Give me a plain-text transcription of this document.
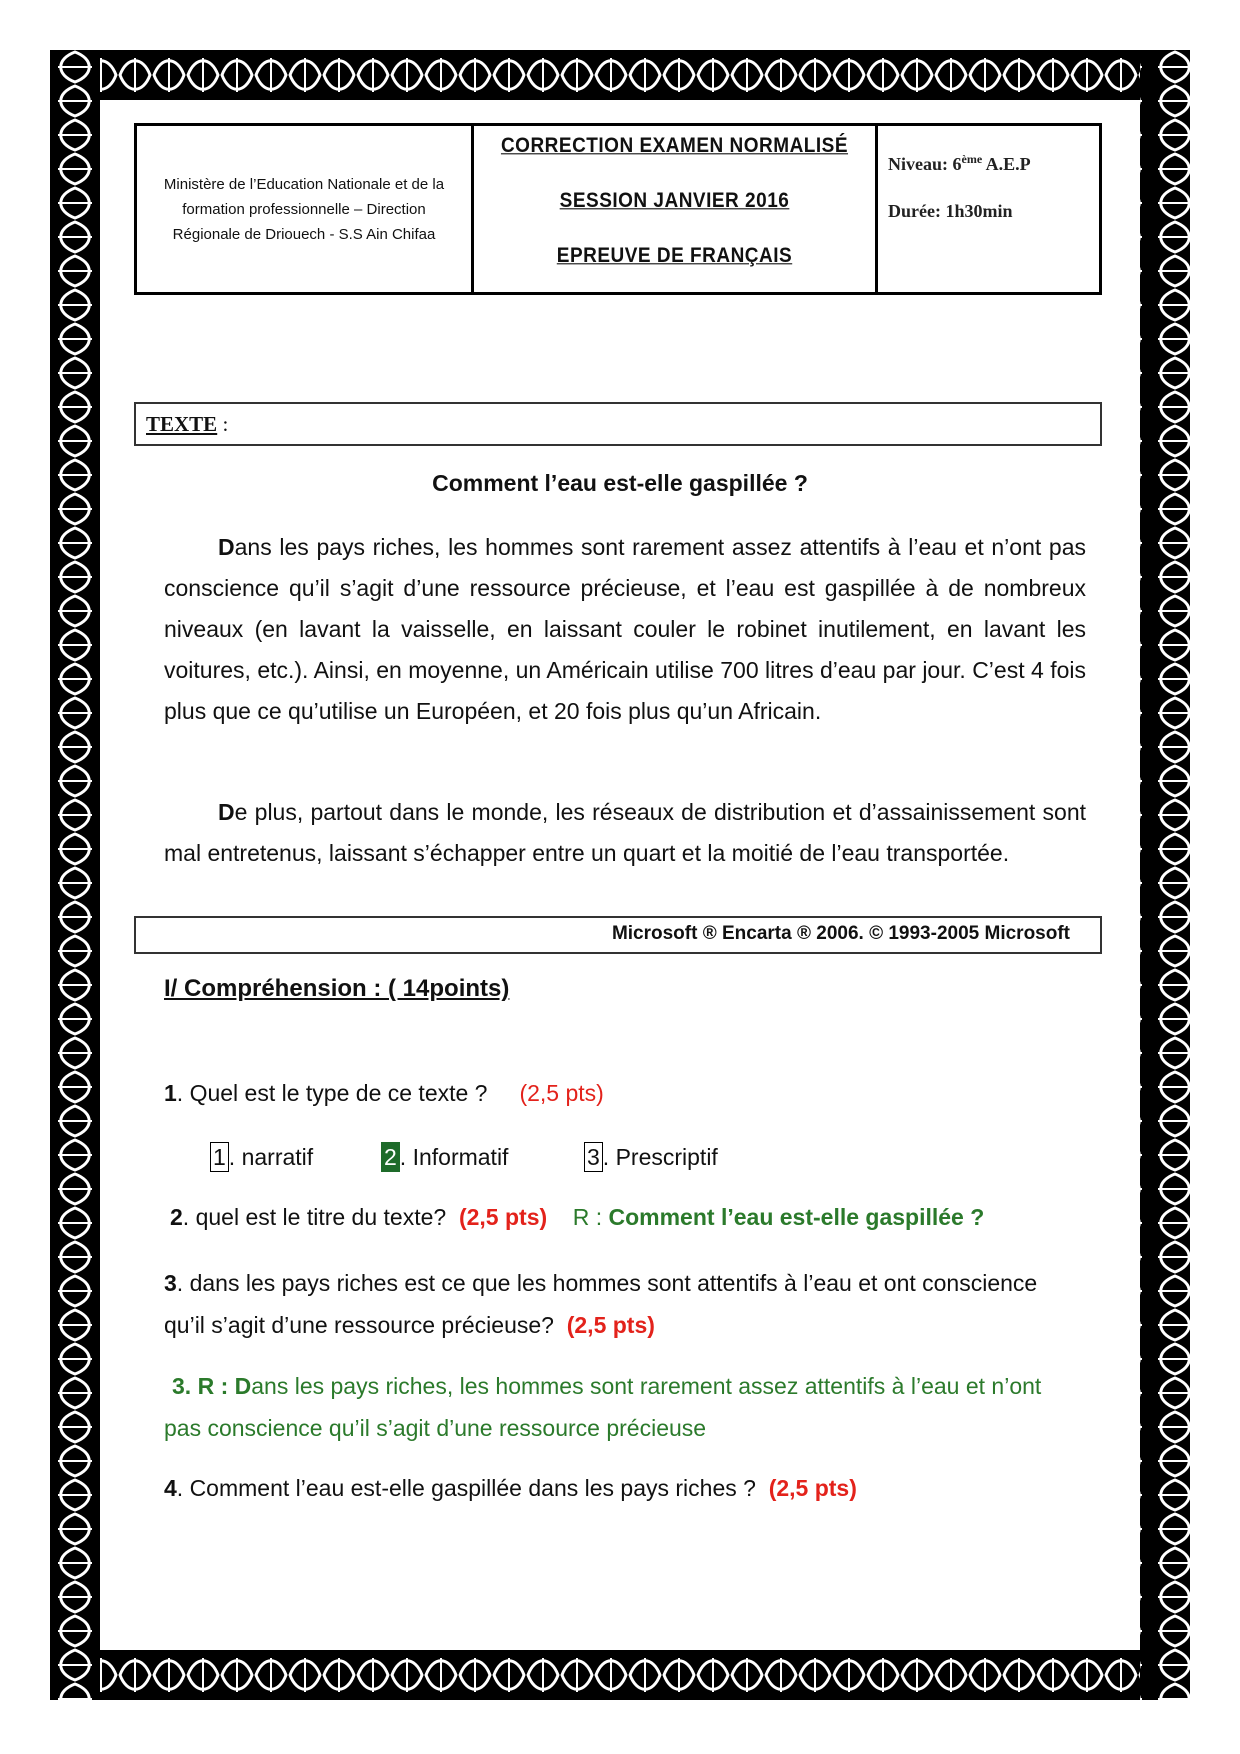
Ministère de l’Education Nationale et de la formation professionnelle – Direction Régionale de Driouech - S.S Ain Chifaa
CORRECTION EXAMEN NORMALISÉ
SESSION JANVIER 2016
EPREUVE DE FRANÇAIS
Niveau: 6ème A.E.P
Durée: 1h30min
TEXTE :
Comment l’eau est-elle gaspillée ?

Dans les pays riches, les hommes sont rarement assez attentifs à l’eau et n’ont pas conscience qu’il s’agit d’une ressource précieuse, et l’eau est gaspillée à de nombreux niveaux (en lavant la vaisselle, en laissant couler le robinet inutilement, en lavant les voitures, etc.). Ainsi, en moyenne, un Américain utilise 700 litres d’eau par jour. C’est 4 fois plus que ce qu’utilise un Européen, et 20 fois plus qu’un Africain.

De plus, partout dans le monde, les réseaux de distribution et d’assainissement sont mal entretenus, laissant s’échapper entre un quart et la moitié de l’eau transportée.

Microsoft ® Encarta ® 2006. © 1993-2005 Microsoft
I/ Compréhension : ( 14points)
1. Quel est le type de ce texte ? (2,5 pts)
1 . narratif	2 . Informatif	3 . Prescriptif
2. quel est le titre du texte? (2,5 pts) R : Comment l’eau est-elle gaspillée ?

3. dans les pays riches est ce que les hommes sont attentifs à l’eau et ont conscience qu’il s’agit d’une ressource précieuse? (2,5 pts)

3. R : Dans les pays riches, les hommes sont rarement assez attentifs à l’eau et n’ont pas conscience qu’il s’agit d’une ressource précieuse

4. Comment l’eau est-elle gaspillée dans les pays riches ? (2,5 pts)
